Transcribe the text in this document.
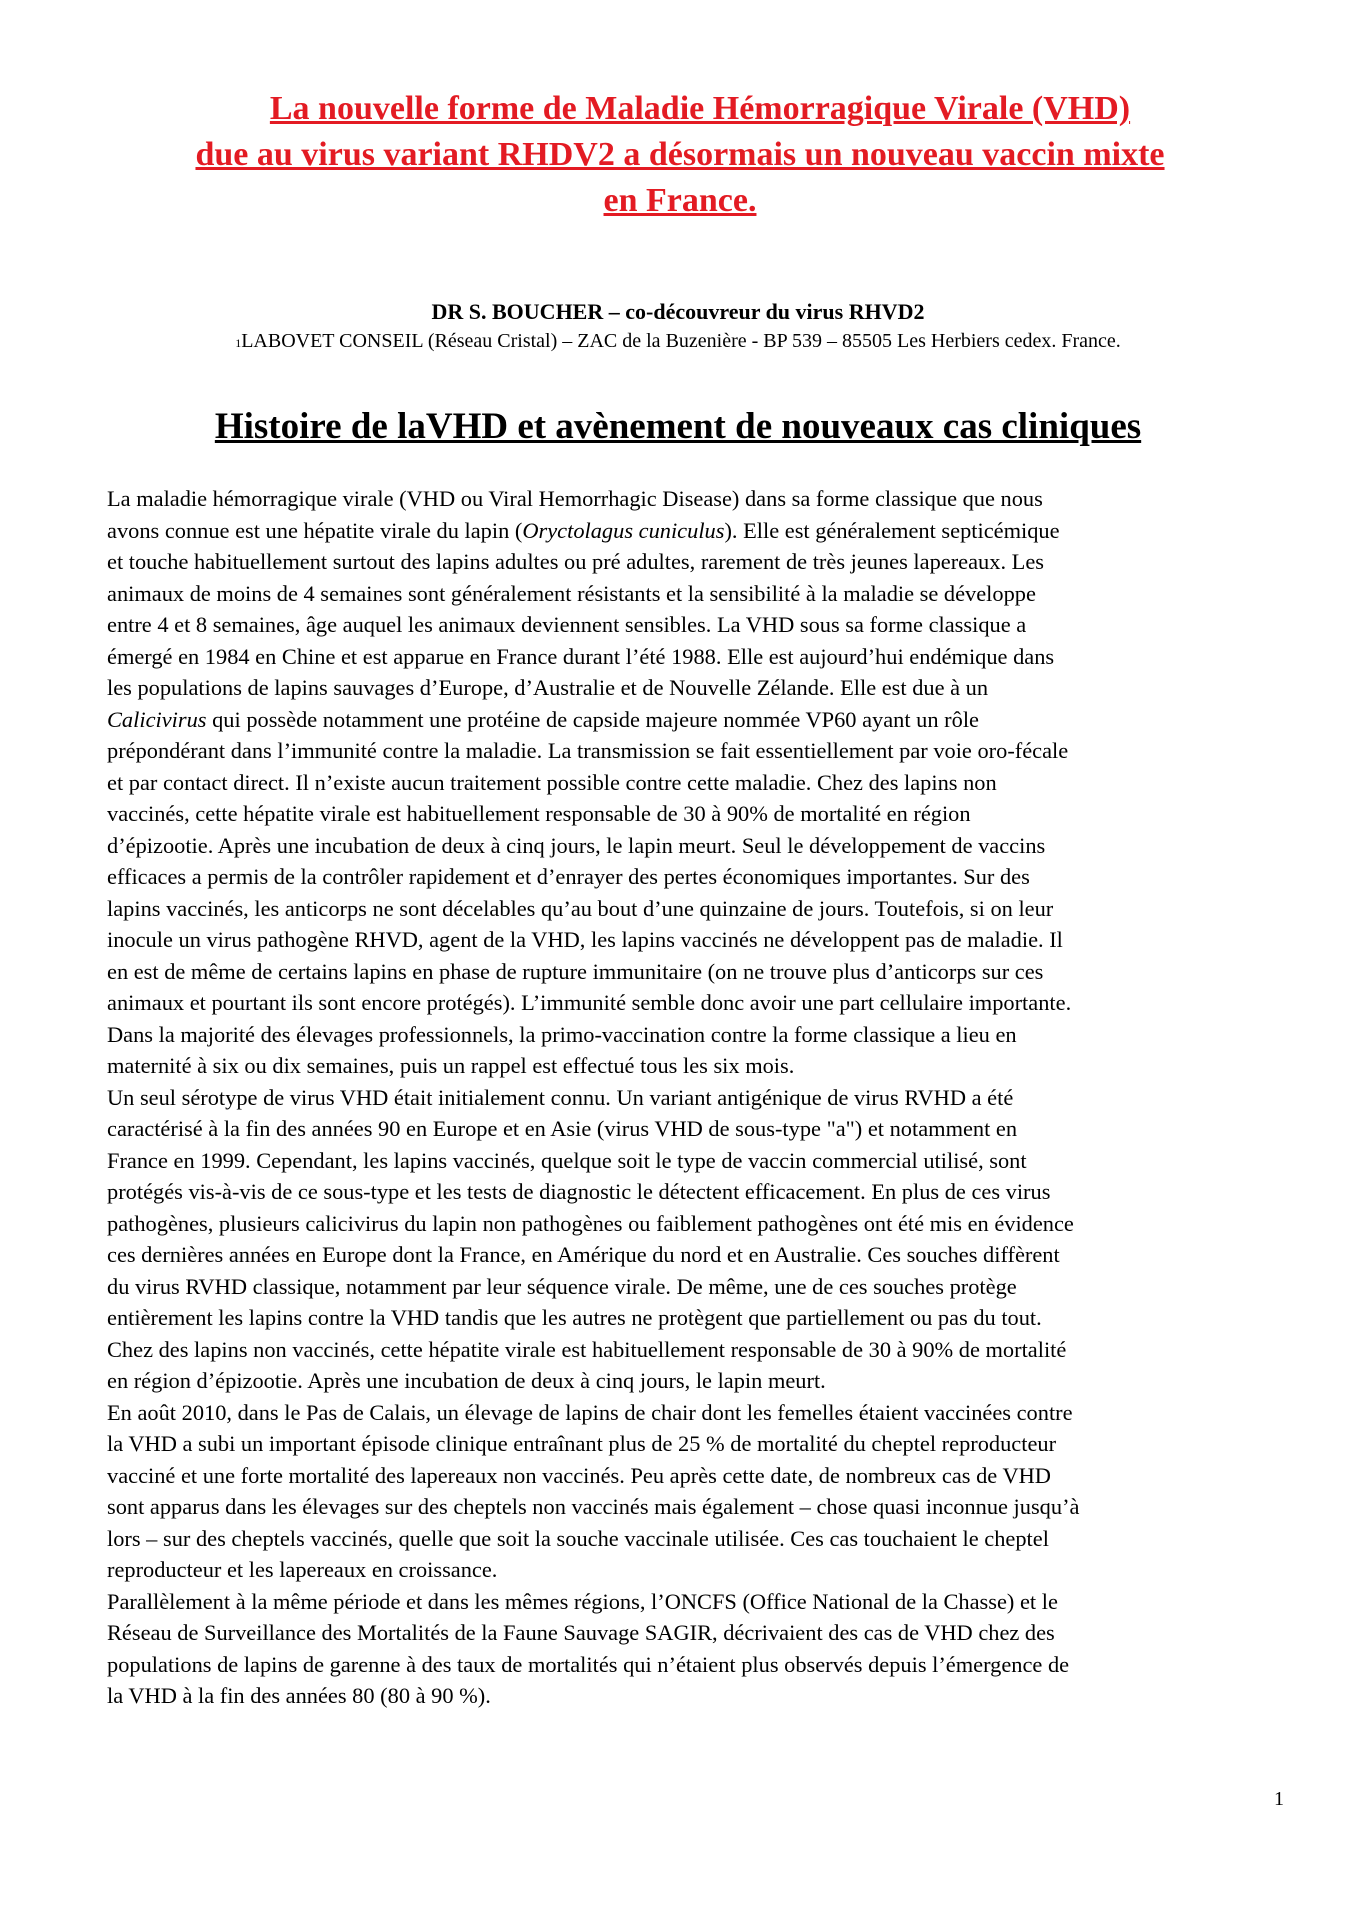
La nouvelle forme de Maladie Hémorragique Virale (VHD)
due au virus variant RHDV2 a désormais un nouveau vaccin mixte
en France.
DR S. BOUCHER – co-découvreur du virus RHVD2
$^1$LABOVET CONSEIL (Réseau Cristal) – ZAC de la Buzenière - BP 539 – 85505 Les Herbiers cedex. France.
Histoire de laVHD et avènement de nouveaux cas cliniques

La maladie hémorragique virale (VHD ou Viral Hemorrhagic Disease) dans sa forme classique que nous

avons connue est une hépatite virale du lapin (Oryctolagus cuniculus). Elle est généralement septicémique

et touche habituellement surtout des lapins adultes ou pré adultes, rarement de très jeunes lapereaux. Les

animaux de moins de 4 semaines sont généralement résistants et la sensibilité à la maladie se développe

entre 4 et 8 semaines, âge auquel les animaux deviennent sensibles. La VHD sous sa forme classique a

émergé en 1984 en Chine et est apparue en France durant l’été 1988. Elle est aujourd’hui endémique dans

les populations de lapins sauvages d’Europe, d’Australie et de Nouvelle Zélande. Elle est due à un

Calicivirus qui possède notamment une protéine de capside majeure nommée VP60 ayant un rôle

prépondérant dans l’immunité contre la maladie. La transmission se fait essentiellement par voie oro-fécale

et par contact direct. Il n’existe aucun traitement possible contre cette maladie. Chez des lapins non

vaccinés, cette hépatite virale est habituellement responsable de 30 à 90% de mortalité en région

d’épizootie. Après une incubation de deux à cinq jours, le lapin meurt. Seul le développement de vaccins

efficaces a permis de la contrôler rapidement et d’enrayer des pertes économiques importantes. Sur des

lapins vaccinés, les anticorps ne sont décelables qu’au bout d’une quinzaine de jours. Toutefois, si on leur

inocule un virus pathogène RHVD, agent de la VHD, les lapins vaccinés ne développent pas de maladie. Il

en est de même de certains lapins en phase de rupture immunitaire (on ne trouve plus d’anticorps sur ces

animaux et pourtant ils sont encore protégés). L’immunité semble donc avoir une part cellulaire importante.

Dans la majorité des élevages professionnels, la primo-vaccination contre la forme classique a lieu en

maternité à six ou dix semaines, puis un rappel est effectué tous les six mois.

Un seul sérotype de virus VHD était initialement connu. Un variant antigénique de virus RVHD a été

caractérisé à la fin des années 90 en Europe et en Asie (virus VHD de sous-type "a") et notamment en

France en 1999. Cependant, les lapins vaccinés, quelque soit le type de vaccin commercial utilisé, sont

protégés vis-à-vis de ce sous-type et les tests de diagnostic le détectent efficacement. En plus de ces virus

pathogènes, plusieurs calicivirus du lapin non pathogènes ou faiblement pathogènes ont été mis en évidence

ces dernières années en Europe dont la France, en Amérique du nord et en Australie. Ces souches diffèrent

du virus RVHD classique, notamment par leur séquence virale. De même, une de ces souches protège

entièrement les lapins contre la VHD tandis que les autres ne protègent que partiellement ou pas du tout.

Chez des lapins non vaccinés, cette hépatite virale est habituellement responsable de 30 à 90% de mortalité

en région d’épizootie. Après une incubation de deux à cinq jours, le lapin meurt.

En août 2010, dans le Pas de Calais, un élevage de lapins de chair dont les femelles étaient vaccinées contre

la VHD a subi un important épisode clinique entraînant plus de 25 % de mortalité du cheptel reproducteur

vacciné et une forte mortalité des lapereaux non vaccinés. Peu après cette date, de nombreux cas de VHD

sont apparus dans les élevages sur des cheptels non vaccinés mais également – chose quasi inconnue jusqu’à

lors – sur des cheptels vaccinés, quelle que soit la souche vaccinale utilisée. Ces cas touchaient le cheptel

reproducteur et les lapereaux en croissance.

Parallèlement à la même période et dans les mêmes régions, l’ONCFS (Office National de la Chasse) et le

Réseau de Surveillance des Mortalités de la Faune Sauvage SAGIR, décrivaient des cas de VHD chez des

populations de lapins de garenne à des taux de mortalités qui n’étaient plus observés depuis l’émergence de

la VHD à la fin des années 80 (80 à 90 %).

1
